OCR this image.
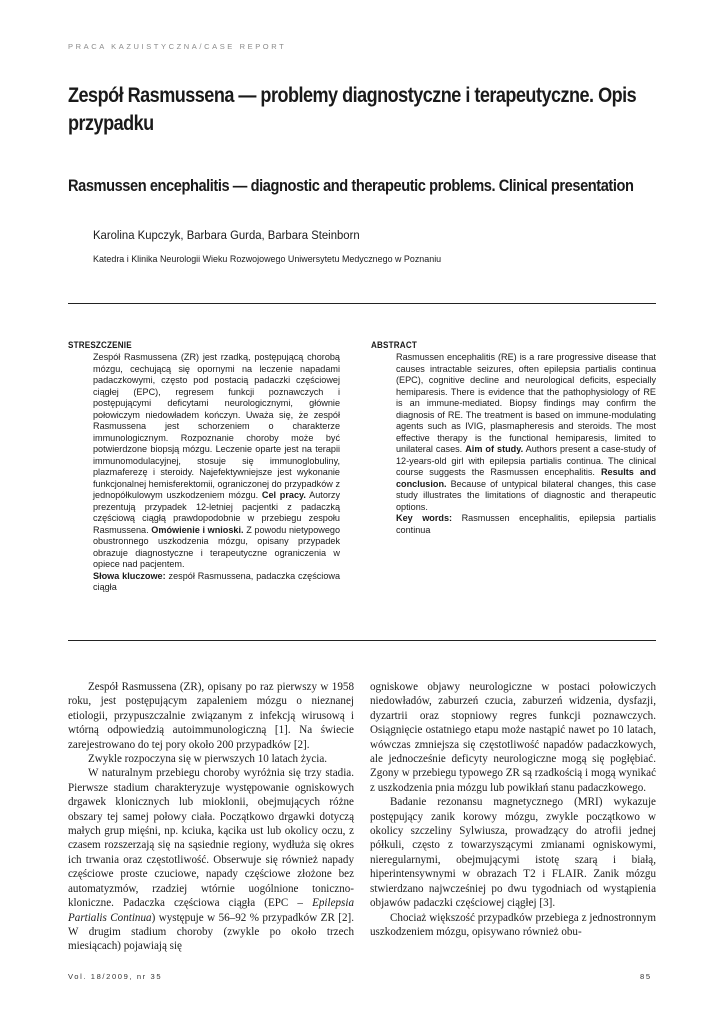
PRACA KAZUISTYCZNA/CASE REPORT
Zespół Rasmussena — problemy diagnostyczne i terapeutyczne. Opis przypadku
Rasmussen encephalitis — diagnostic and therapeutic problems. Clinical presentation
Karolina Kupczyk, Barbara Gurda, Barbara Steinborn
Katedra i Klinika Neurologii Wieku Rozwojowego Uniwersytetu Medycznego w Poznaniu
STRESZCZENIE
Zespół Rasmussena (ZR) jest rzadką, postępującą chorobą mózgu, cechującą się opornymi na leczenie napadami padaczkowymi, często pod postacią padaczki częściowej ciągłej (EPC), regresem funkcji poznawczych i postępującymi deficytami neurologicznymi, głównie połowiczym niedowładem kończyn. Uważa się, że zespół Rasmussena jest schorzeniem o charakterze immunologicznym. Rozpoznanie choroby może być potwierdzone biopsją mózgu. Leczenie oparte jest na terapii immunomodulacyjnej, stosuje się immunoglobuliny, plazmaferezę i steroidy. Najefektywniejsze jest wykonanie funkcjonalnej hemisferektomii, ograniczonej do przypadków z jednopółkulowym uszkodzeniem mózgu. Cel pracy. Autorzy prezentują przypadek 12-letniej pacjentki z padaczką częściową ciągłą prawdopodobnie w przebiegu zespołu Rasmussena. Omówienie i wnioski. Z powodu nietypowego obustronnego uszkodzenia mózgu, opisany przypadek obrazuje diagnostyczne i terapeutyczne ograniczenia w opiece nad pacjentem.
Słowa kluczowe: zespół Rasmussena, padaczka częściowa ciągła
ABSTRACT
Rasmussen encephalitis (RE) is a rare progressive disease that causes intractable seizures, often epilepsia partialis continua (EPC), cognitive decline and neurological deficits, especially hemiparesis. There is evidence that the pathophysiology of RE is an immune-mediated. Biopsy findings may confirm the diagnosis of RE. The treatment is based on immune-modulating agents such as IVIG, plasmapheresis and steroids. The most effective therapy is the functional hemiparesis, limited to unilateral cases. Aim of study. Authors present a case-study of 12-years-old girl with epilepsia partialis continua. The clinical course suggests the Rasmussen encephalitis. Results and conclusion. Because of untypical bilateral changes, this case study illustrates the limitations of diagnostic and therapeutic options.
Key words: Rasmussen encephalitis, epilepsia partialis continua

Zespół Rasmussena (ZR), opisany po raz pierwszy w 1958 roku, jest postępującym zapaleniem mózgu o nieznanej etiologii, przypuszczalnie związanym z infekcją wirusową i wtórną odpowiedzią autoimmunologiczną [1]. Na świecie zarejestrowano do tej pory około 200 przypadków [2].

Zwykle rozpoczyna się w pierwszych 10 latach życia.

W naturalnym przebiegu choroby wyróżnia się trzy stadia. Pierwsze stadium charakteryzuje występowanie ogniskowych drgawek klonicznych lub mioklonii, obejmujących różne obszary tej samej połowy ciała. Początkowo drgawki dotyczą małych grup mięśni, np. kciuka, kącika ust lub okolicy oczu, z czasem rozszerzają się na sąsiednie regiony, wydłuża się okres ich trwania oraz częstotliwość. Obserwuje się również napady częściowe proste czuciowe, napady częściowe złożone bez automatyzmów, rzadziej wtórnie uogólnione toniczno-kloniczne. Padaczka częściowa ciągła (EPC – Epilepsia Partialis Continua) występuje w 56–92 % przypadków ZR [2]. W drugim stadium choroby (zwykle po około trzech miesiącach) pojawiają się

ogniskowe objawy neurologiczne w postaci połowiczych niedowładów, zaburzeń czucia, zaburzeń widzenia, dysfazji, dyzartrii oraz stopniowy regres funkcji poznawczych. Osiągnięcie ostatniego etapu może nastąpić nawet po 10 latach, wówczas zmniejsza się częstotliwość napadów padaczkowych, ale jednocześnie deficyty neurologiczne mogą się pogłębiać. Zgony w przebiegu typowego ZR są rzadkością i mogą wynikać z uszkodzenia pnia mózgu lub powikłań stanu padaczkowego.

Badanie rezonansu magnetycznego (MRI) wykazuje postępujący zanik korowy mózgu, zwykle początkowo w okolicy szczeliny Sylwiusza, prowadzący do atrofii jednej półkuli, często z towarzyszącymi zmianami ogniskowymi, nieregularnymi, obejmującymi istotę szarą i białą, hiperintensywnymi w obrazach T2 i FLAIR. Zanik mózgu stwierdzano najwcześniej po dwu tygodniach od wystąpienia objawów padaczki częściowej ciągłej [3].

Chociaż większość przypadków przebiega z jednostronnym uszkodzeniem mózgu, opisywano również obu-

Vol. 18/2009, nr 35	85
